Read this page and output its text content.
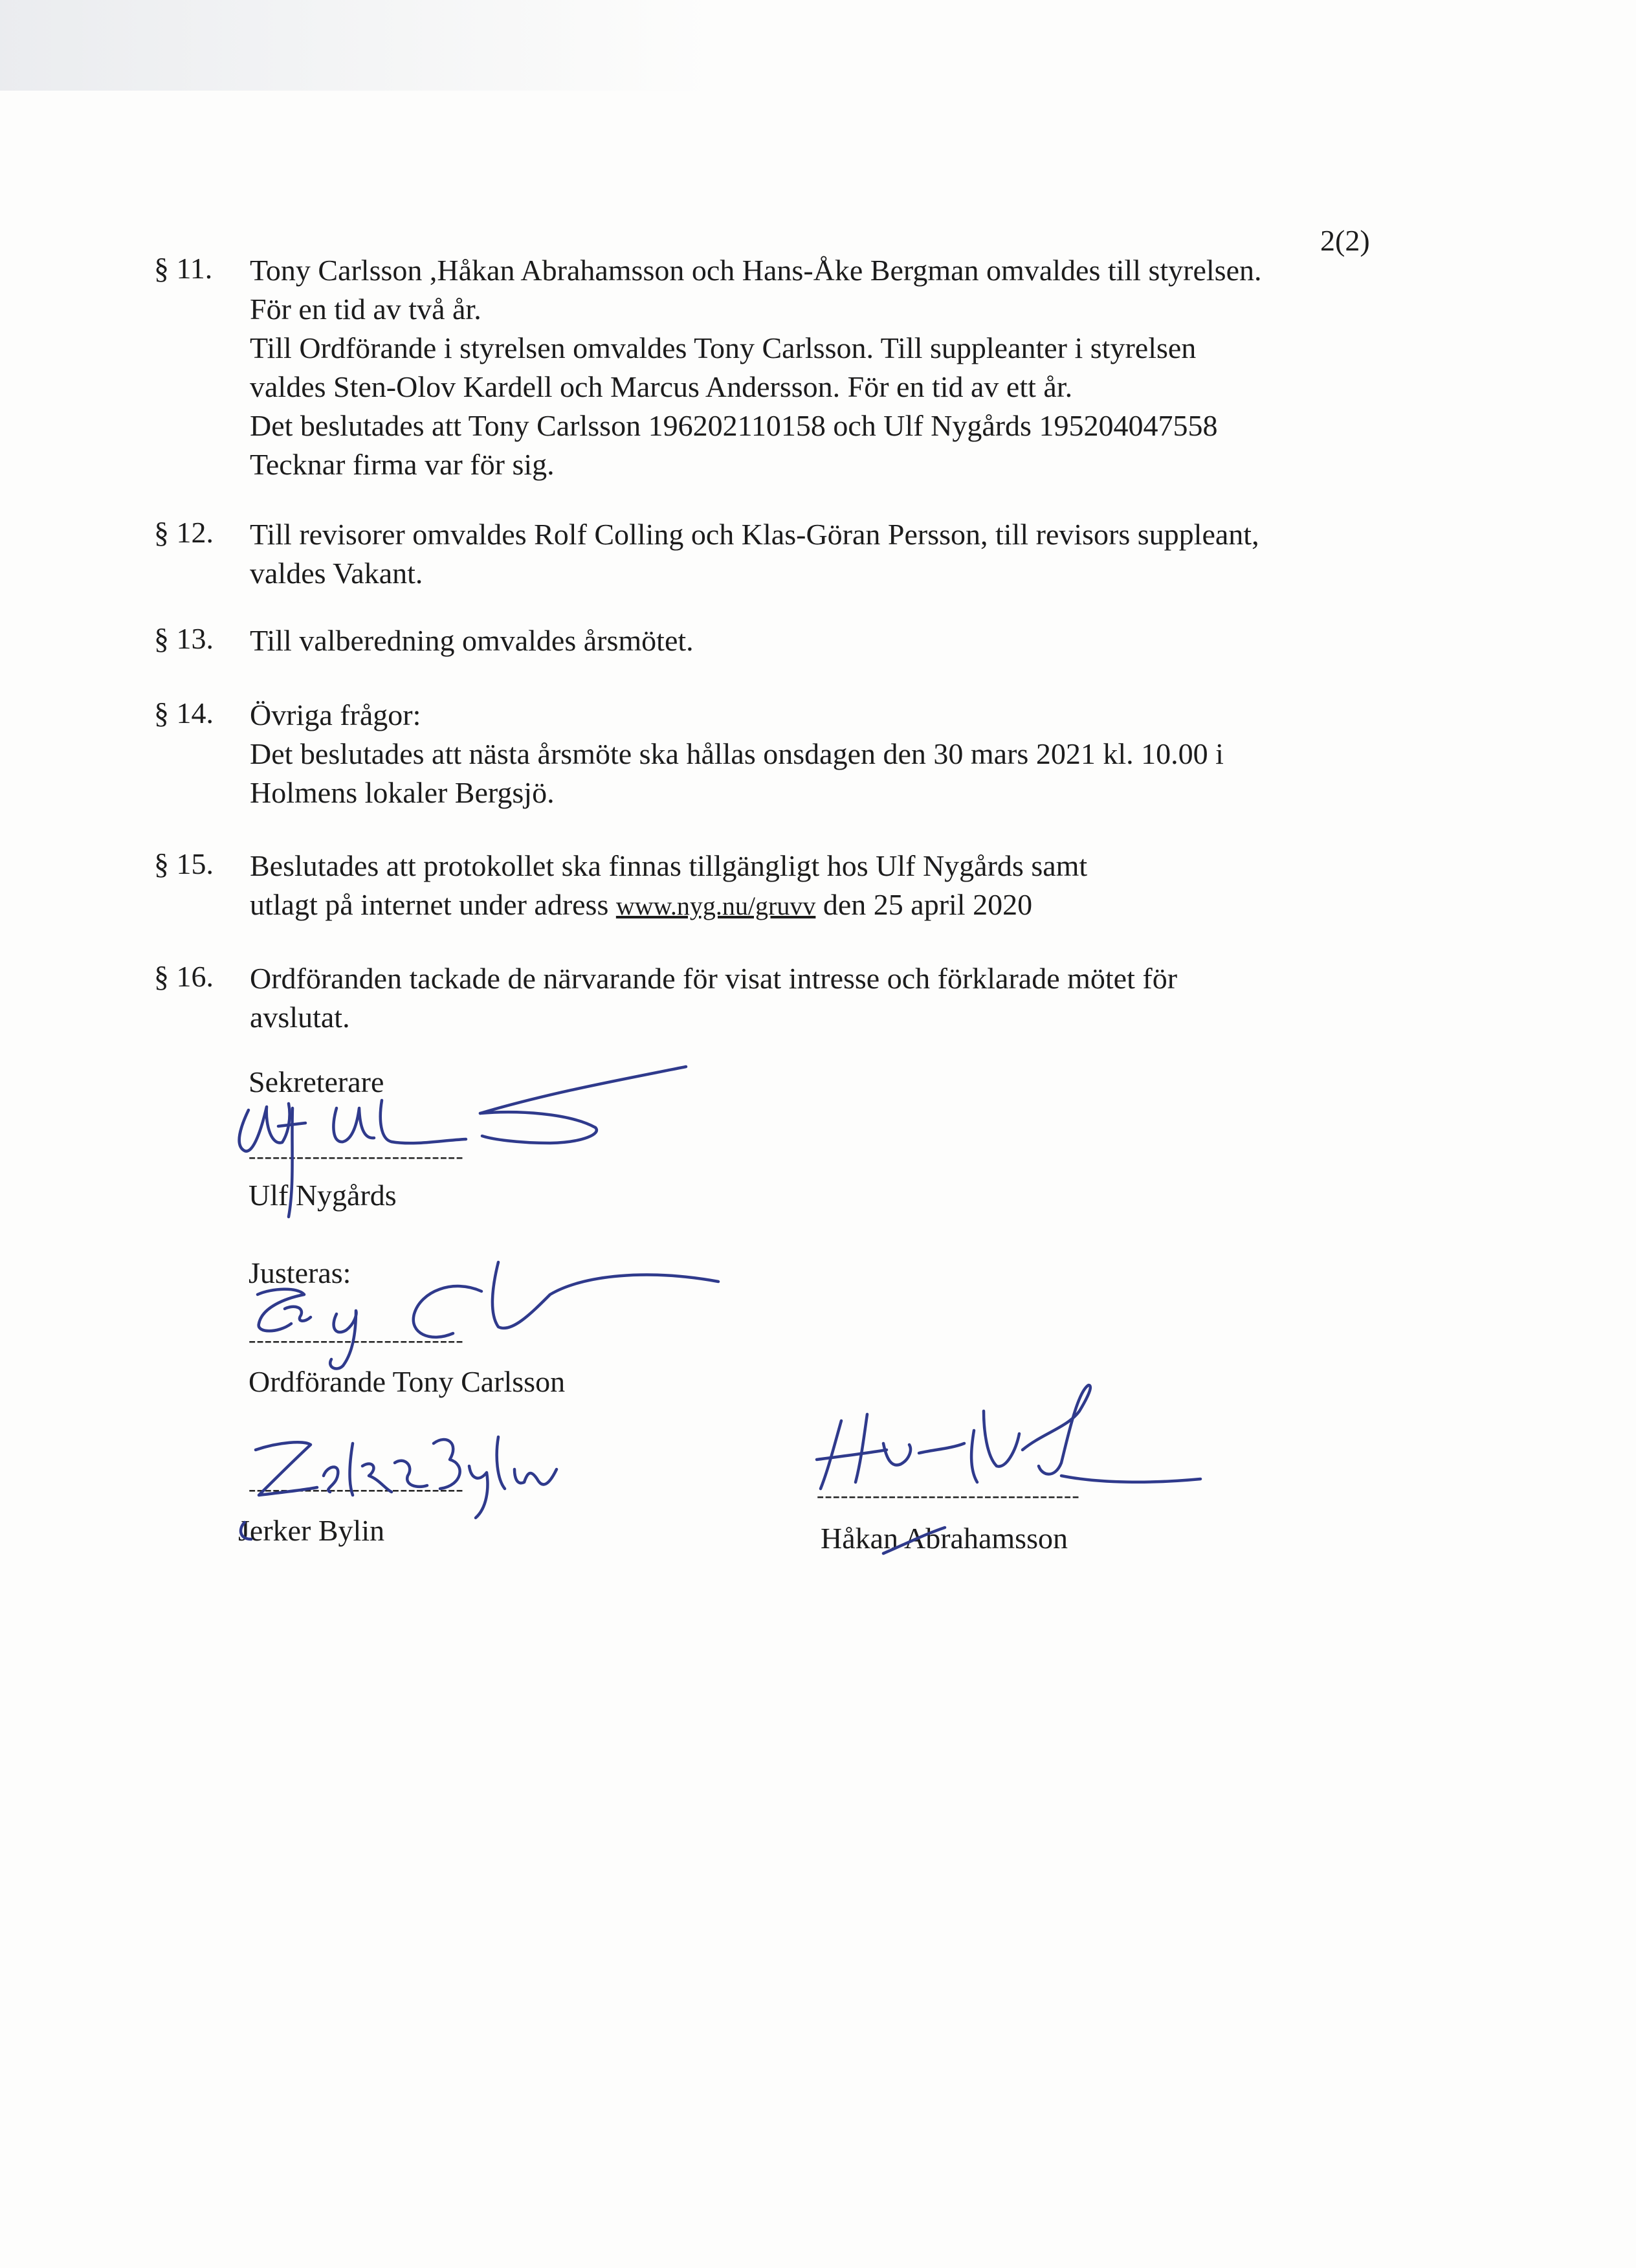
2(2)
§ 11. Tony Carlsson ,Håkan Abrahamsson och Hans-Åke Bergman omvaldes till styrelsen.

För en tid av två år.

Till Ordförande i styrelsen omvaldes Tony Carlsson. Till suppleanter i styrelsen

valdes Sten-Olov Kardell och Marcus Andersson. För en tid av ett år.

Det beslutades att Tony Carlsson 196202110158 och Ulf Nygårds 195204047558

Tecknar firma var för sig.

§ 12. Till revisorer omvaldes Rolf Colling och Klas-Göran Persson, till revisors suppleant,

valdes Vakant.

§ 13. Till valberedning omvaldes årsmötet.

§ 14. Övriga frågor:

Det beslutades att nästa årsmöte ska hållas onsdagen den 30 mars 2021 kl. 10.00 i

Holmens lokaler Bergsjö.

§ 15. Beslutades att protokollet ska finnas tillgängligt hos Ulf Nygårds samt

utlagt på internet under adress www.nyg.nu/gruvv den 25 april 2020

§ 16. Ordföranden tackade de närvarande för visat intresse och förklarade mötet för

avslutat.

Sekreterare
---------------------------
Ulf Nygårds
Justeras:
---------------------------
Ordförande Tony Carlsson
---------------------------
Jerker Bylin
---------------------------------
Håkan Abrahamsson
